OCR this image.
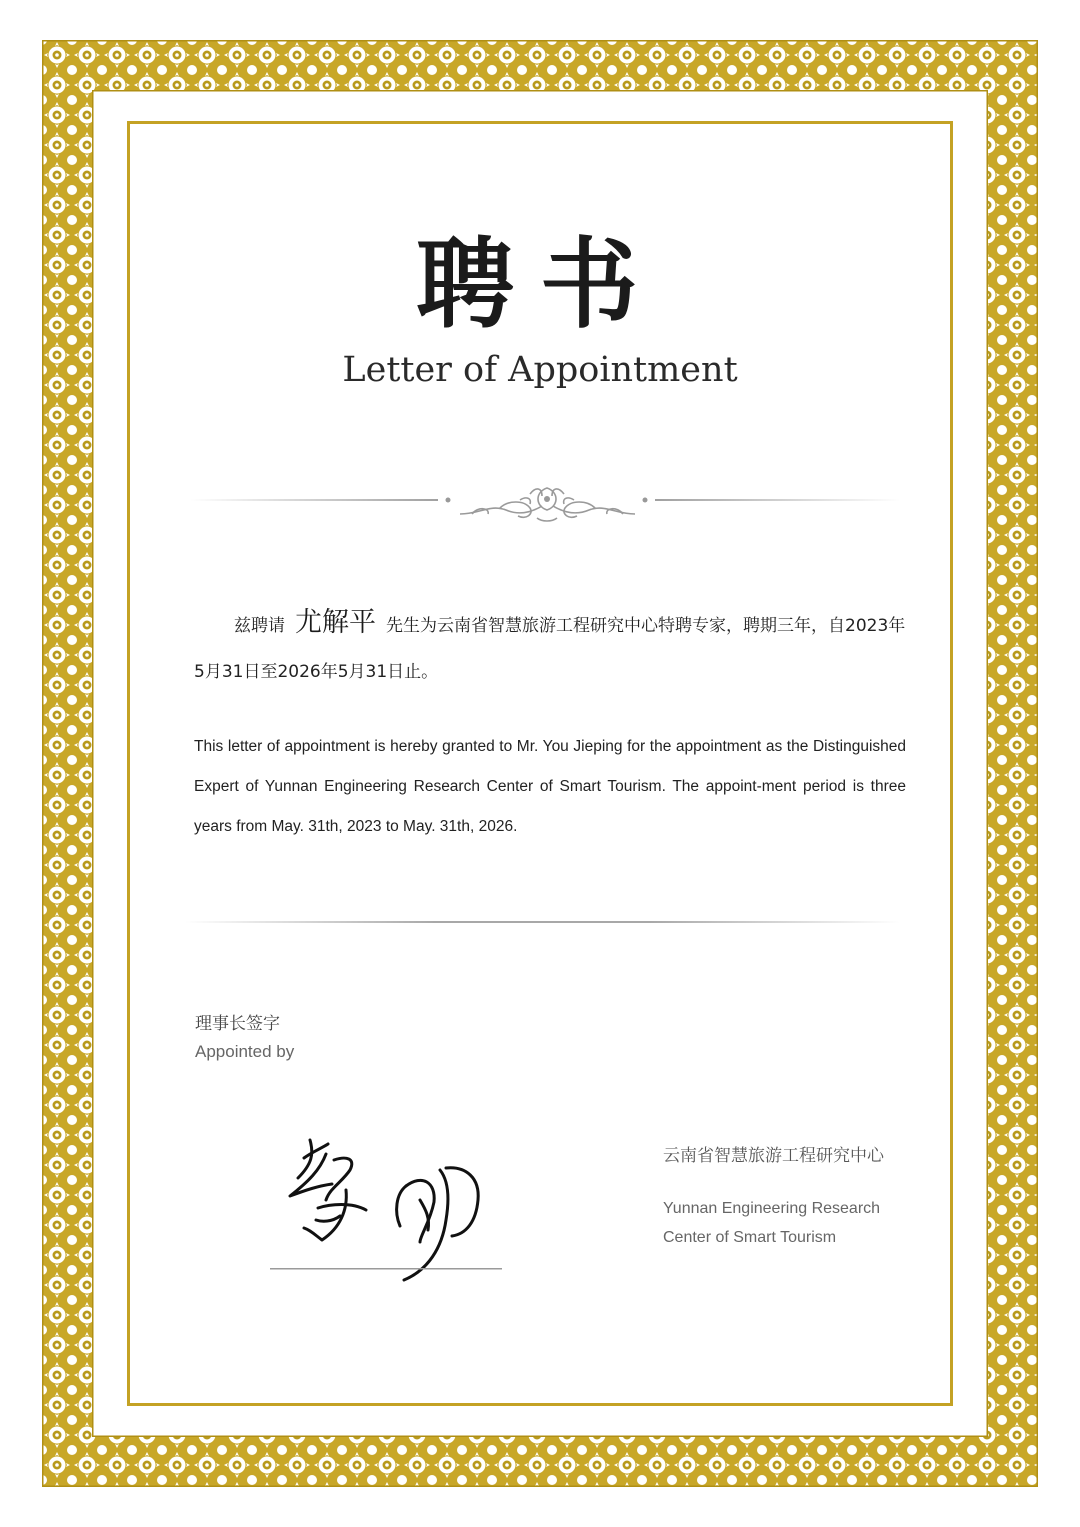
聘书
Letter of Appointment
兹聘请 尤解平 先生为云南省智慧旅游工程研究中心特聘专家，聘期三年，自2023年5月31日至2026年5月31日止。
This letter of appointment is hereby granted to Mr. You Jieping for the appointment as the Distinguished Expert of Yunnan Engineering Research Center of Smart Tourism. The appoint-ment period is three years from May. 31th, 2023 to May. 31th, 2026.
理事长签字
Appointed by
云南省智慧旅游工程研究中心
Yunnan Engineering Research
Center of Smart Tourism
